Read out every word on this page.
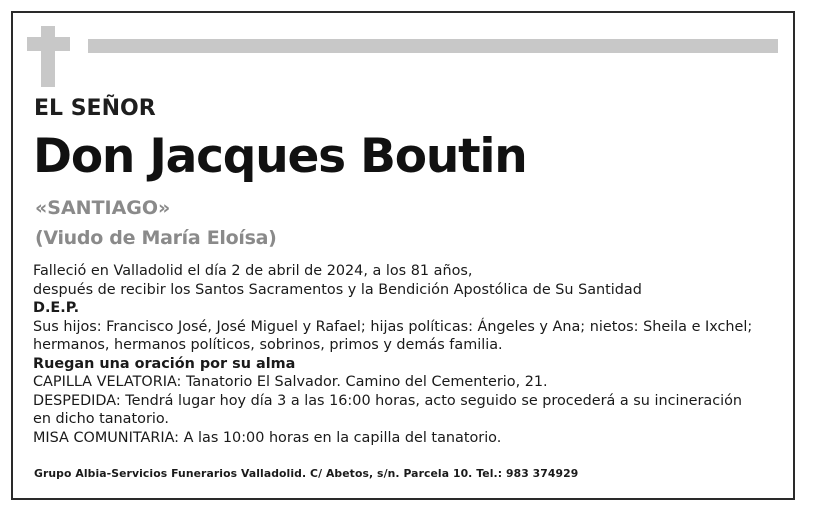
EL SEÑOR
Don Jacques Boutin
«SANTIAGO»
(Viudo de María Eloísa)
Falleció en Valladolid el día 2 de abril de 2024, a los 81 años,
después de recibir los Santos Sacramentos y la Bendición Apostólica de Su Santidad
D.E.P.
Sus hijos: Francisco José, José Miguel y Rafael; hijas políticas: Ángeles y Ana; nietos: Sheila e Ixchel;
hermanos, hermanos políticos, sobrinos, primos y demás familia.
Ruegan una oración por su alma
CAPILLA VELATORIA: Tanatorio El Salvador. Camino del Cementerio, 21.
DESPEDIDA: Tendrá lugar hoy día 3 a las 16:00 horas, acto seguido se procederá a su incineración
en dicho tanatorio.
MISA COMUNITARIA: A las 10:00 horas en la capilla del tanatorio.
Grupo Albia-Servicios Funerarios Valladolid. C/ Abetos, s/n. Parcela 10. Tel.: 983 374929
